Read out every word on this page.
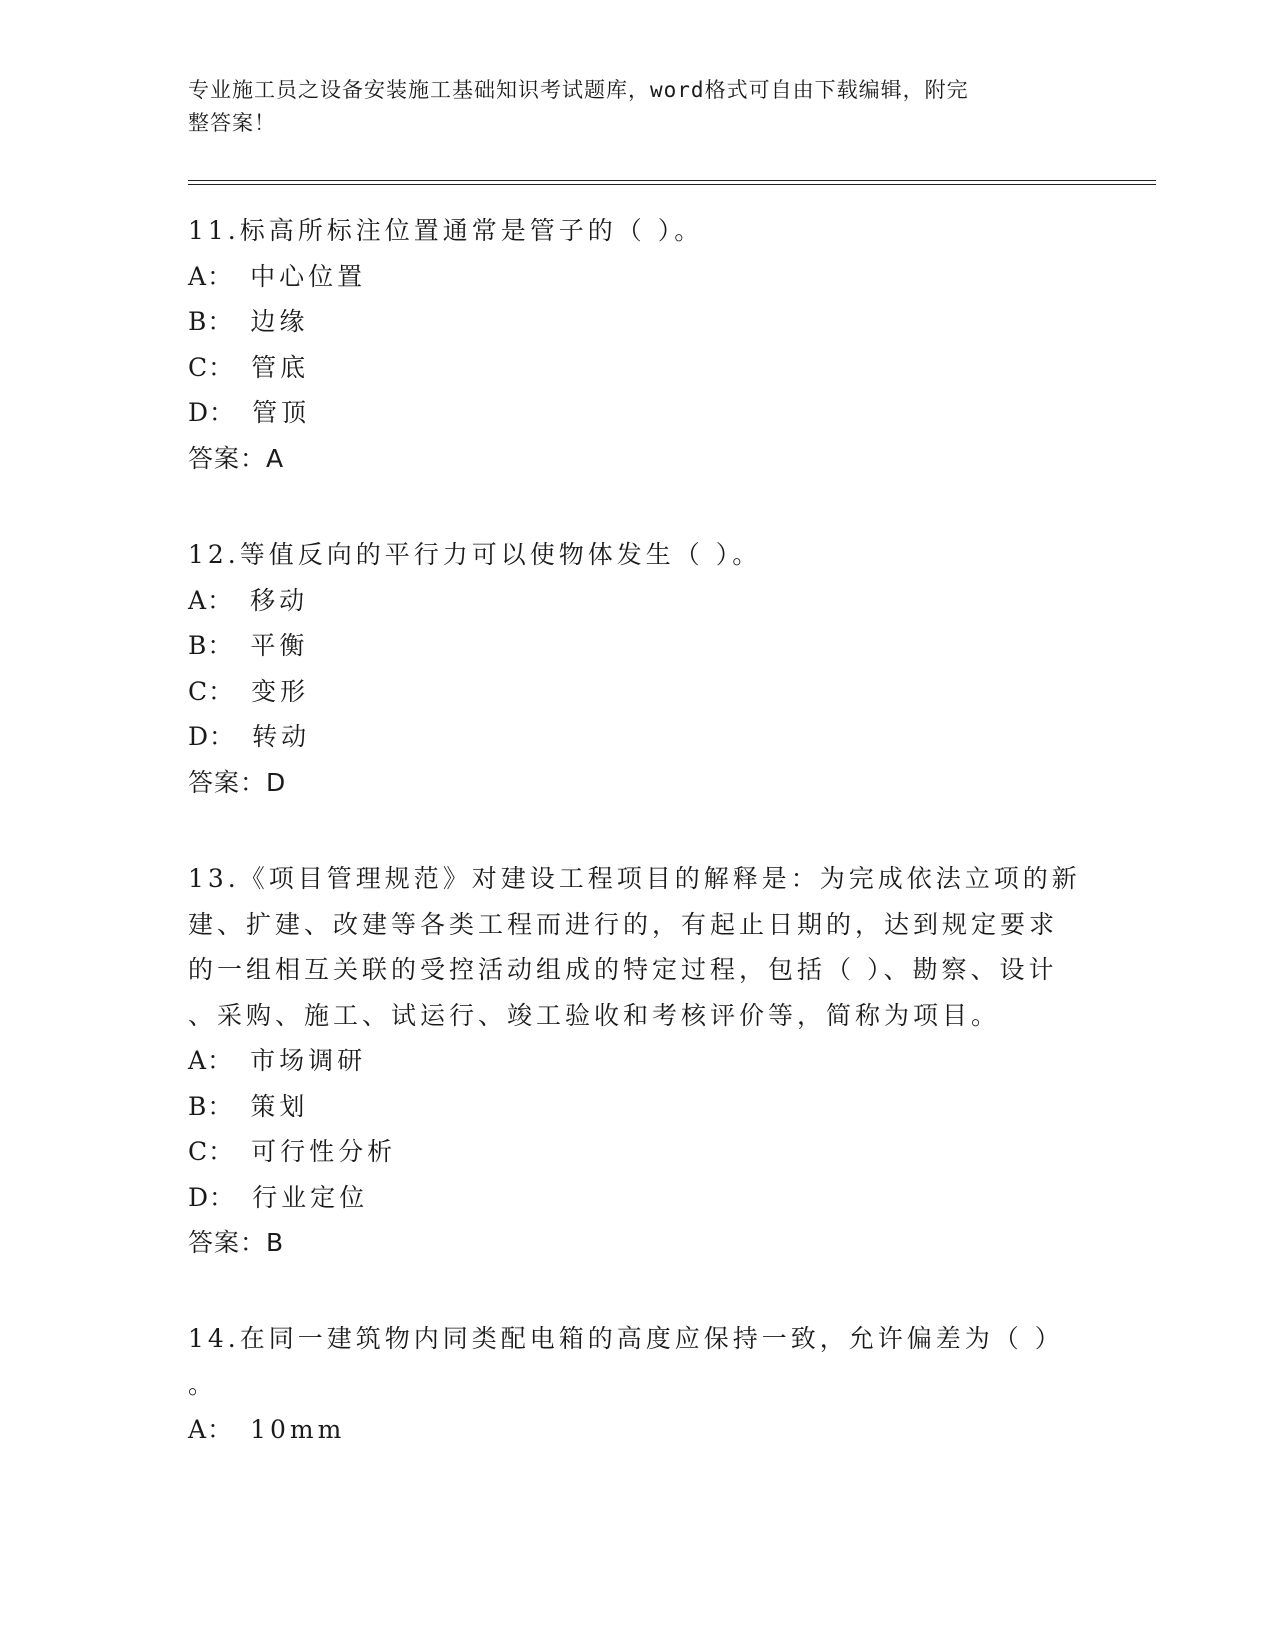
专业施工员之设备安装施工基础知识考试题库，word格式可自由下载编辑，附完
整答案！
11.标高所标注位置通常是管子的（ ）。
A： 中心位置
B： 边缘
C： 管底
D： 管顶
答案：A
12.等值反向的平行力可以使物体发生（ ）。
A： 移动
B： 平衡
C： 变形
D： 转动
答案：D
13.《项目管理规范》对建设工程项目的解释是：为完成依法立项的新
建、扩建、改建等各类工程而进行的，有起止日期的，达到规定要求
的一组相互关联的受控活动组成的特定过程，包括（ ）、勘察、设计
、采购、施工、试运行、竣工验收和考核评价等，简称为项目。
A： 市场调研
B： 策划
C： 可行性分析
D： 行业定位
答案：B
14.在同一建筑物内同类配电箱的高度应保持一致，允许偏差为（ ）
。
A： 10mm
